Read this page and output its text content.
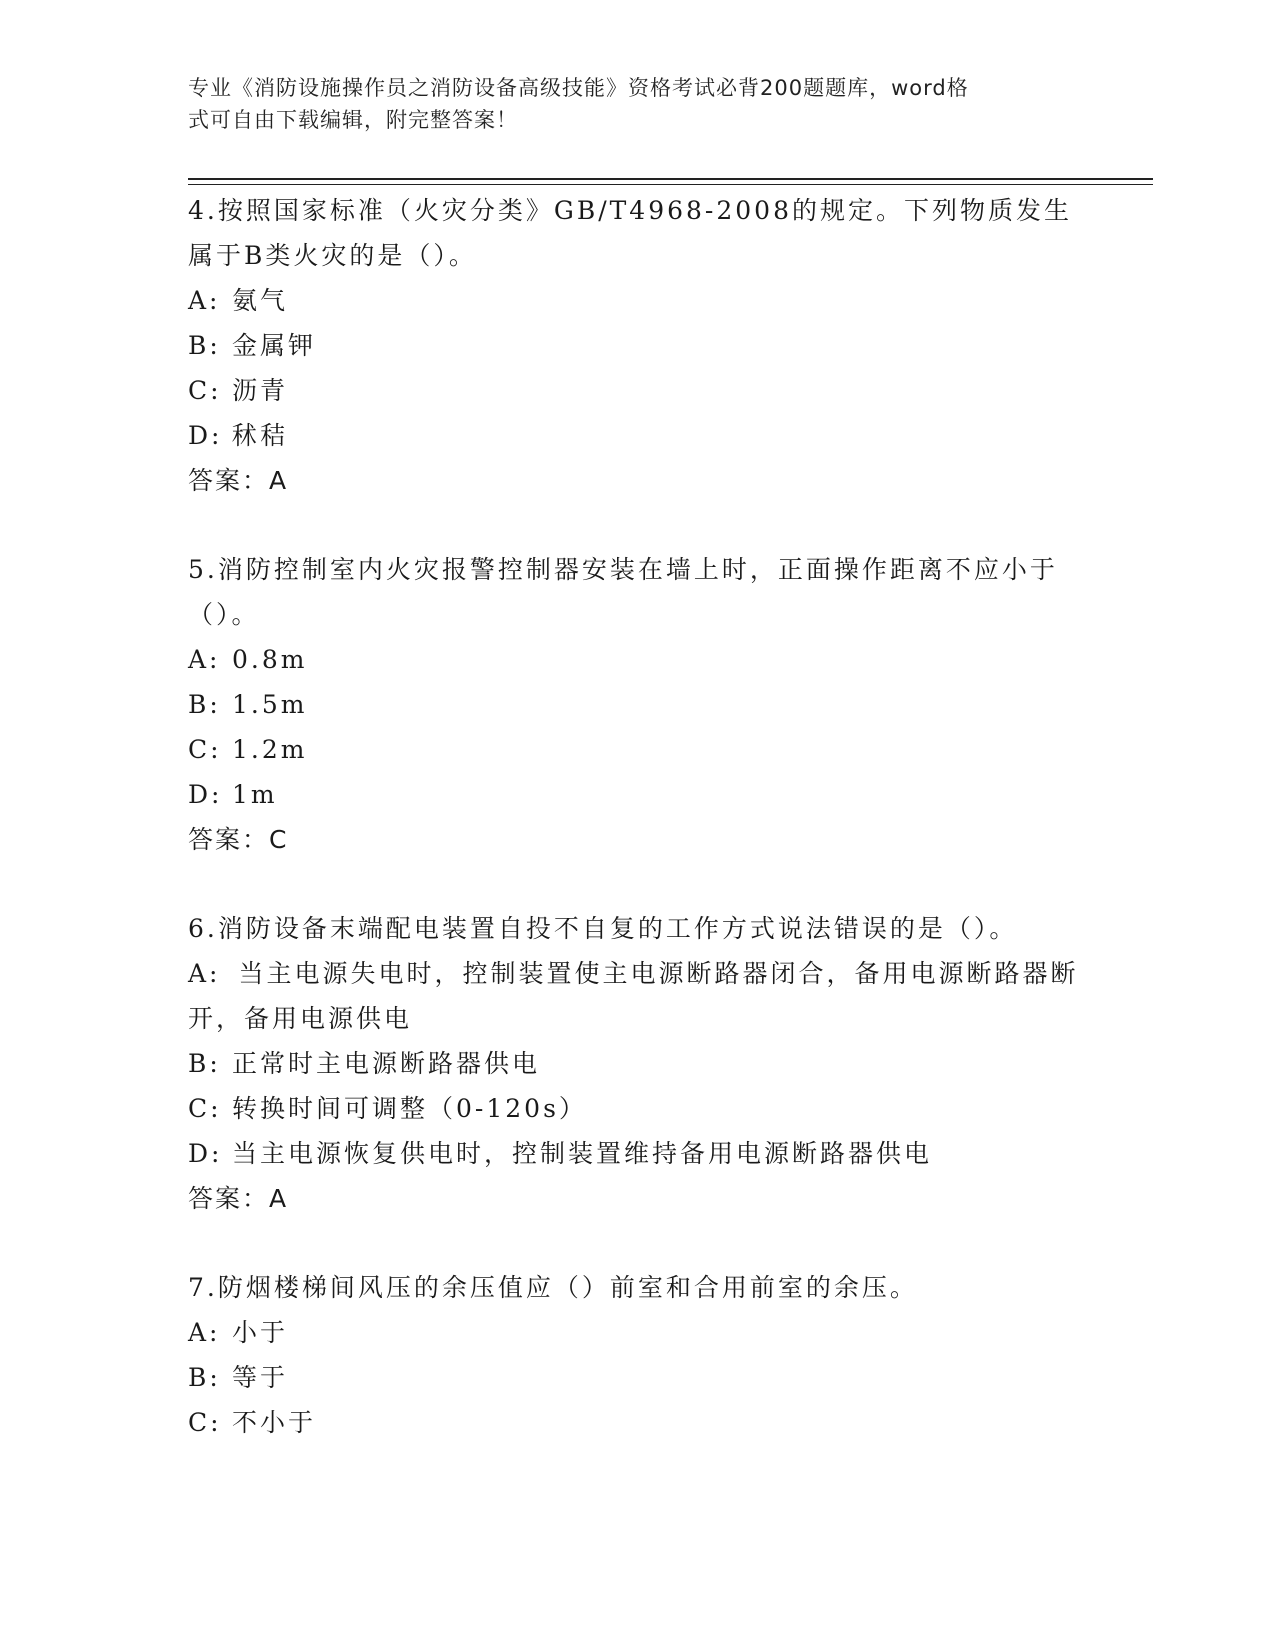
专业《消防设施操作员之消防设备高级技能》资格考试必背200题题库，word格
式可自由下载编辑，附完整答案！

4.按照国家标准（火灾分类》GB/T4968-2008的规定。下列物质发生属于B类火灾的是（）。

A: 氨气

B: 金属钾

C: 沥青

D: 秫秸

答案：A

5.消防控制室内火灾报警控制器安装在墙上时，正面操作距离不应小于（）。

A: 0.8m

B: 1.5m

C: 1.2m

D: 1m

答案：C

6.消防设备末端配电装置自投不自复的工作方式说法错误的是（）。

A: 当主电源失电时，控制装置使主电源断路器闭合，备用电源断路器断开，备用电源供电

B: 正常时主电源断路器供电

C: 转换时间可调整（0-120s）

D: 当主电源恢复供电时，控制装置维持备用电源断路器供电

答案：A

7.防烟楼梯间风压的余压值应（）前室和合用前室的余压。

A: 小于

B: 等于

C: 不小于
